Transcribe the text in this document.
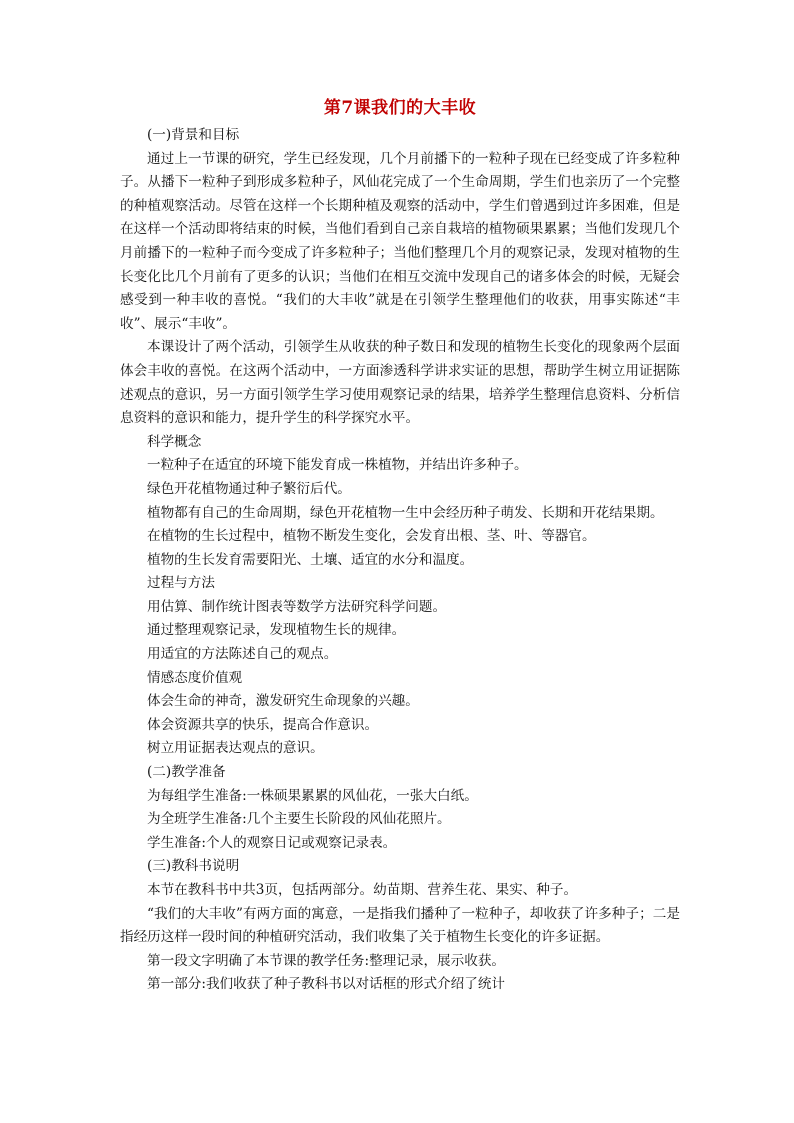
第7课我们的大丰收

(一)背景和目标

通过上一节课的研究，学生已经发现，几个月前播下的一粒种子现在已经变成了许多粒种子。从播下一粒种子到形成多粒种子，风仙花完成了一个生命周期，学生们也亲历了一个完整的种植观察活动。尽管在这样一个长期种植及观察的活动中，学生们曾遇到过许多困难，但是在这样一个活动即将结束的时候，当他们看到自己亲自栽培的植物硕果累累；当他们发现几个月前播下的一粒种子而今变成了许多粒种子；当他们整理几个月的观察记录，发现对植物的生长变化比几个月前有了更多的认识；当他们在相互交流中发现自己的诸多体会的时候，无疑会感受到一种丰收的喜悦。“我们的大丰收”就是在引领学生整理他们的收获，用事实陈述“丰收”、展示“丰收”。

本课设计了两个活动，引领学生从收获的种子数日和发现的植物生长变化的现象两个层面体会丰收的喜悦。在这两个活动中，一方面渗透科学讲求实证的思想，帮助学生树立用证据陈述观点的意识，另一方面引领学生学习使用观察记录的结果，培养学生整理信息资料、分析信息资料的意识和能力，提升学生的科学探究水平。

科学概念

一粒种子在适宜的环境下能发育成一株植物，并结出许多种子。

绿色开花植物通过种子繁衍后代。

植物都有自己的生命周期，绿色开花植物一生中会经历种子萌发、长期和开花结果期。

在植物的生长过程中，植物不断发生变化，会发育出根、茎、叶、等器官。

植物的生长发育需要阳光、土壤、适宜的水分和温度。

过程与方法

用估算、制作统计图表等数学方法研究科学问题。

通过整理观察记录，发现植物生长的规律。

用适宜的方法陈述自己的观点。

情感态度价值观

体会生命的神奇，激发研究生命现象的兴趣。

体会资源共享的快乐，提高合作意识。

树立用证据表达观点的意识。

(二)教学准备

为每组学生准备:一株硕果累累的风仙花，一张大白纸。

为全班学生准备:几个主要生长阶段的风仙花照片。

学生准备:个人的观察日记或观察记录表。

(三)教科书说明

本节在教科书中共3页，包括两部分。幼苗期、营养生花、果实、种子。

“我们的大丰收”有两方面的寓意，一是指我们播种了一粒种子，却收获了许多种子；二是指经历这样一段时间的种植研究活动，我们收集了关于植物生长变化的许多证据。

第一段文字明确了本节课的教学任务:整理记录，展示收获。

第一部分:我们收获了种子教科书以对话框的形式介绍了统计
